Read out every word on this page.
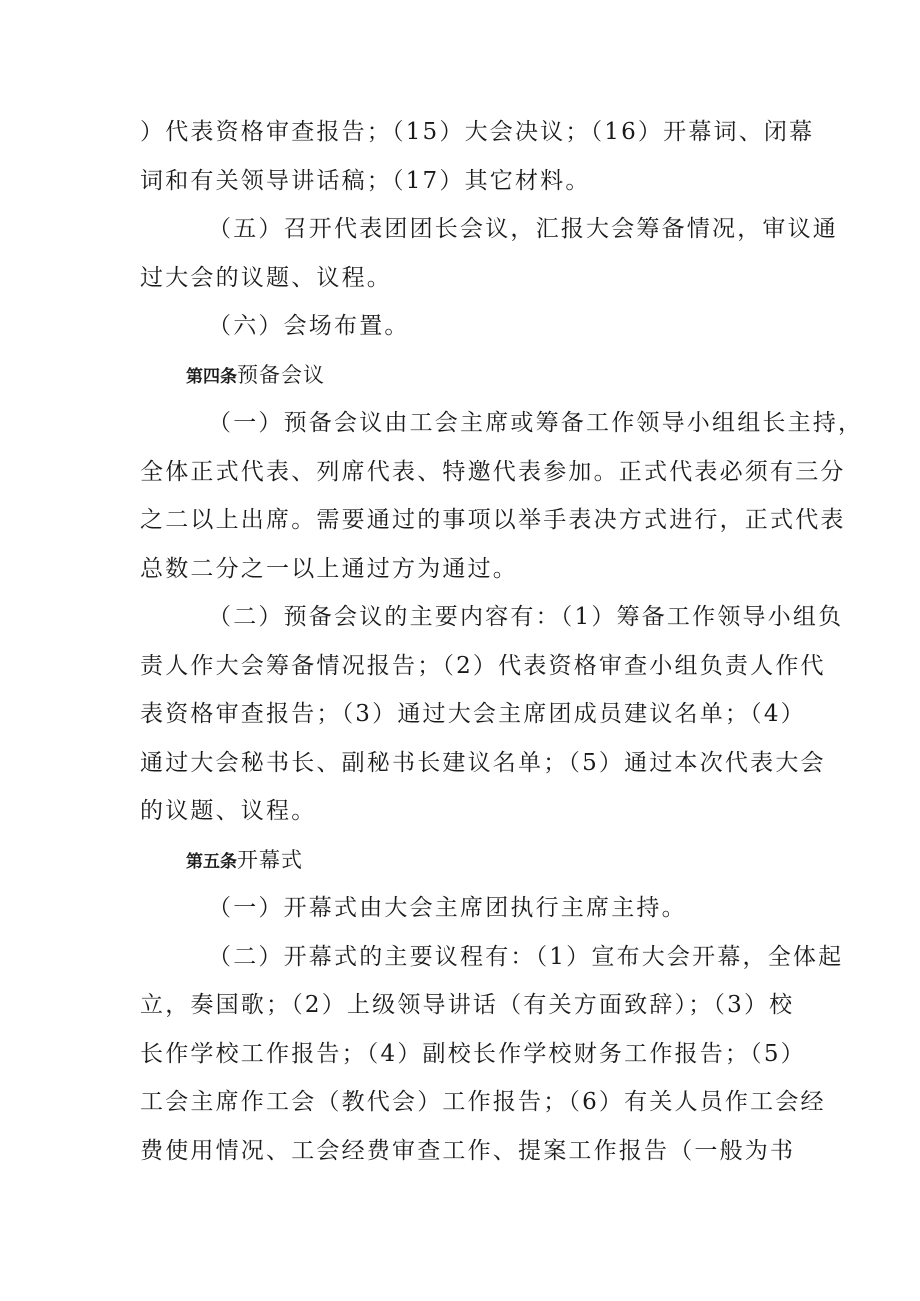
）代表资格审查报告；（15）大会决议；（16）开幕词、闭幕
词和有关领导讲话稿；（17）其它材料。
（五）召开代表团团长会议，汇报大会筹备情况，审议通
过大会的议题、议程。
（六）会场布置。
第四条预备会议
（一）预备会议由工会主席或筹备工作领导小组组长主持，
全体正式代表、列席代表、特邀代表参加。正式代表必须有三分
之二以上出席。需要通过的事项以举手表决方式进行，正式代表
总数二分之一以上通过方为通过。
（二）预备会议的主要内容有：（1）筹备工作领导小组负
责人作大会筹备情况报告；（2）代表资格审查小组负责人作代
表资格审查报告；（3）通过大会主席团成员建议名单；（4）
通过大会秘书长、副秘书长建议名单；（5）通过本次代表大会
的议题、议程。
第五条开幕式
（一）开幕式由大会主席团执行主席主持。
（二）开幕式的主要议程有：（1）宣布大会开幕，全体起
立，奏国歌；（2）上级领导讲话（有关方面致辞）；（3）校
长作学校工作报告；（4）副校长作学校财务工作报告；（5）
工会主席作工会（教代会）工作报告；（6）有关人员作工会经
费使用情况、工会经费审查工作、提案工作报告（一般为书
